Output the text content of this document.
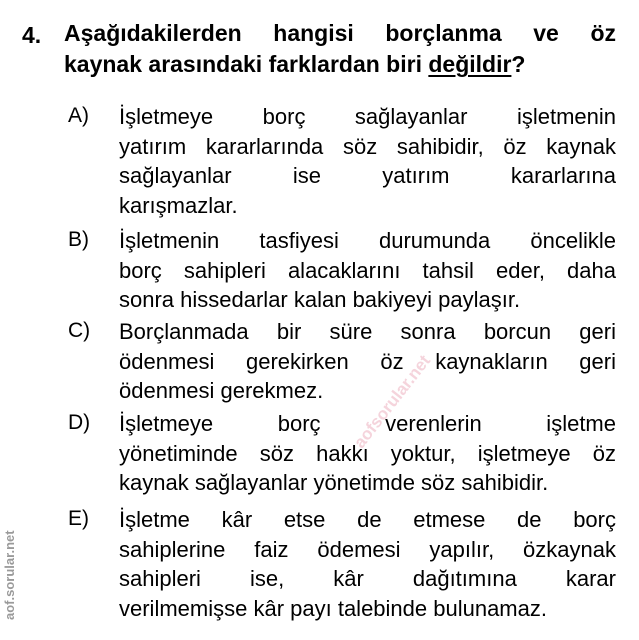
4. Aşağıdakilerden hangisi borçlanma ve öz
kaynak arasındaki farklardan biri değildir?
A) İşletmeye borç sağlayanlar işletmenin
yatırım kararlarında söz sahibidir, öz kaynak
sağlayanlar ise yatırım kararlarına
karışmazlar.
B) İşletmenin tasfiyesi durumunda öncelikle
borç sahipleri alacaklarını tahsil eder, daha
sonra hissedarlar kalan bakiyeyi paylaşır.
C) Borçlanmada bir süre sonra borcun geri
ödenmesi gerekirken öz kaynakların geri
ödenmesi gerekmez.
D) İşletmeye borç verenlerin işletme
yönetiminde söz hakkı yoktur, işletmeye öz
kaynak sağlayanlar yönetimde söz sahibidir.
E) İşletme kâr etse de etmese de borç
sahiplerine faiz ödemesi yapılır, özkaynak
sahipleri ise, kâr dağıtımına karar
verilmemişse kâr payı talebinde bulunamaz.
aof.sorular.net
aofsorular.net
